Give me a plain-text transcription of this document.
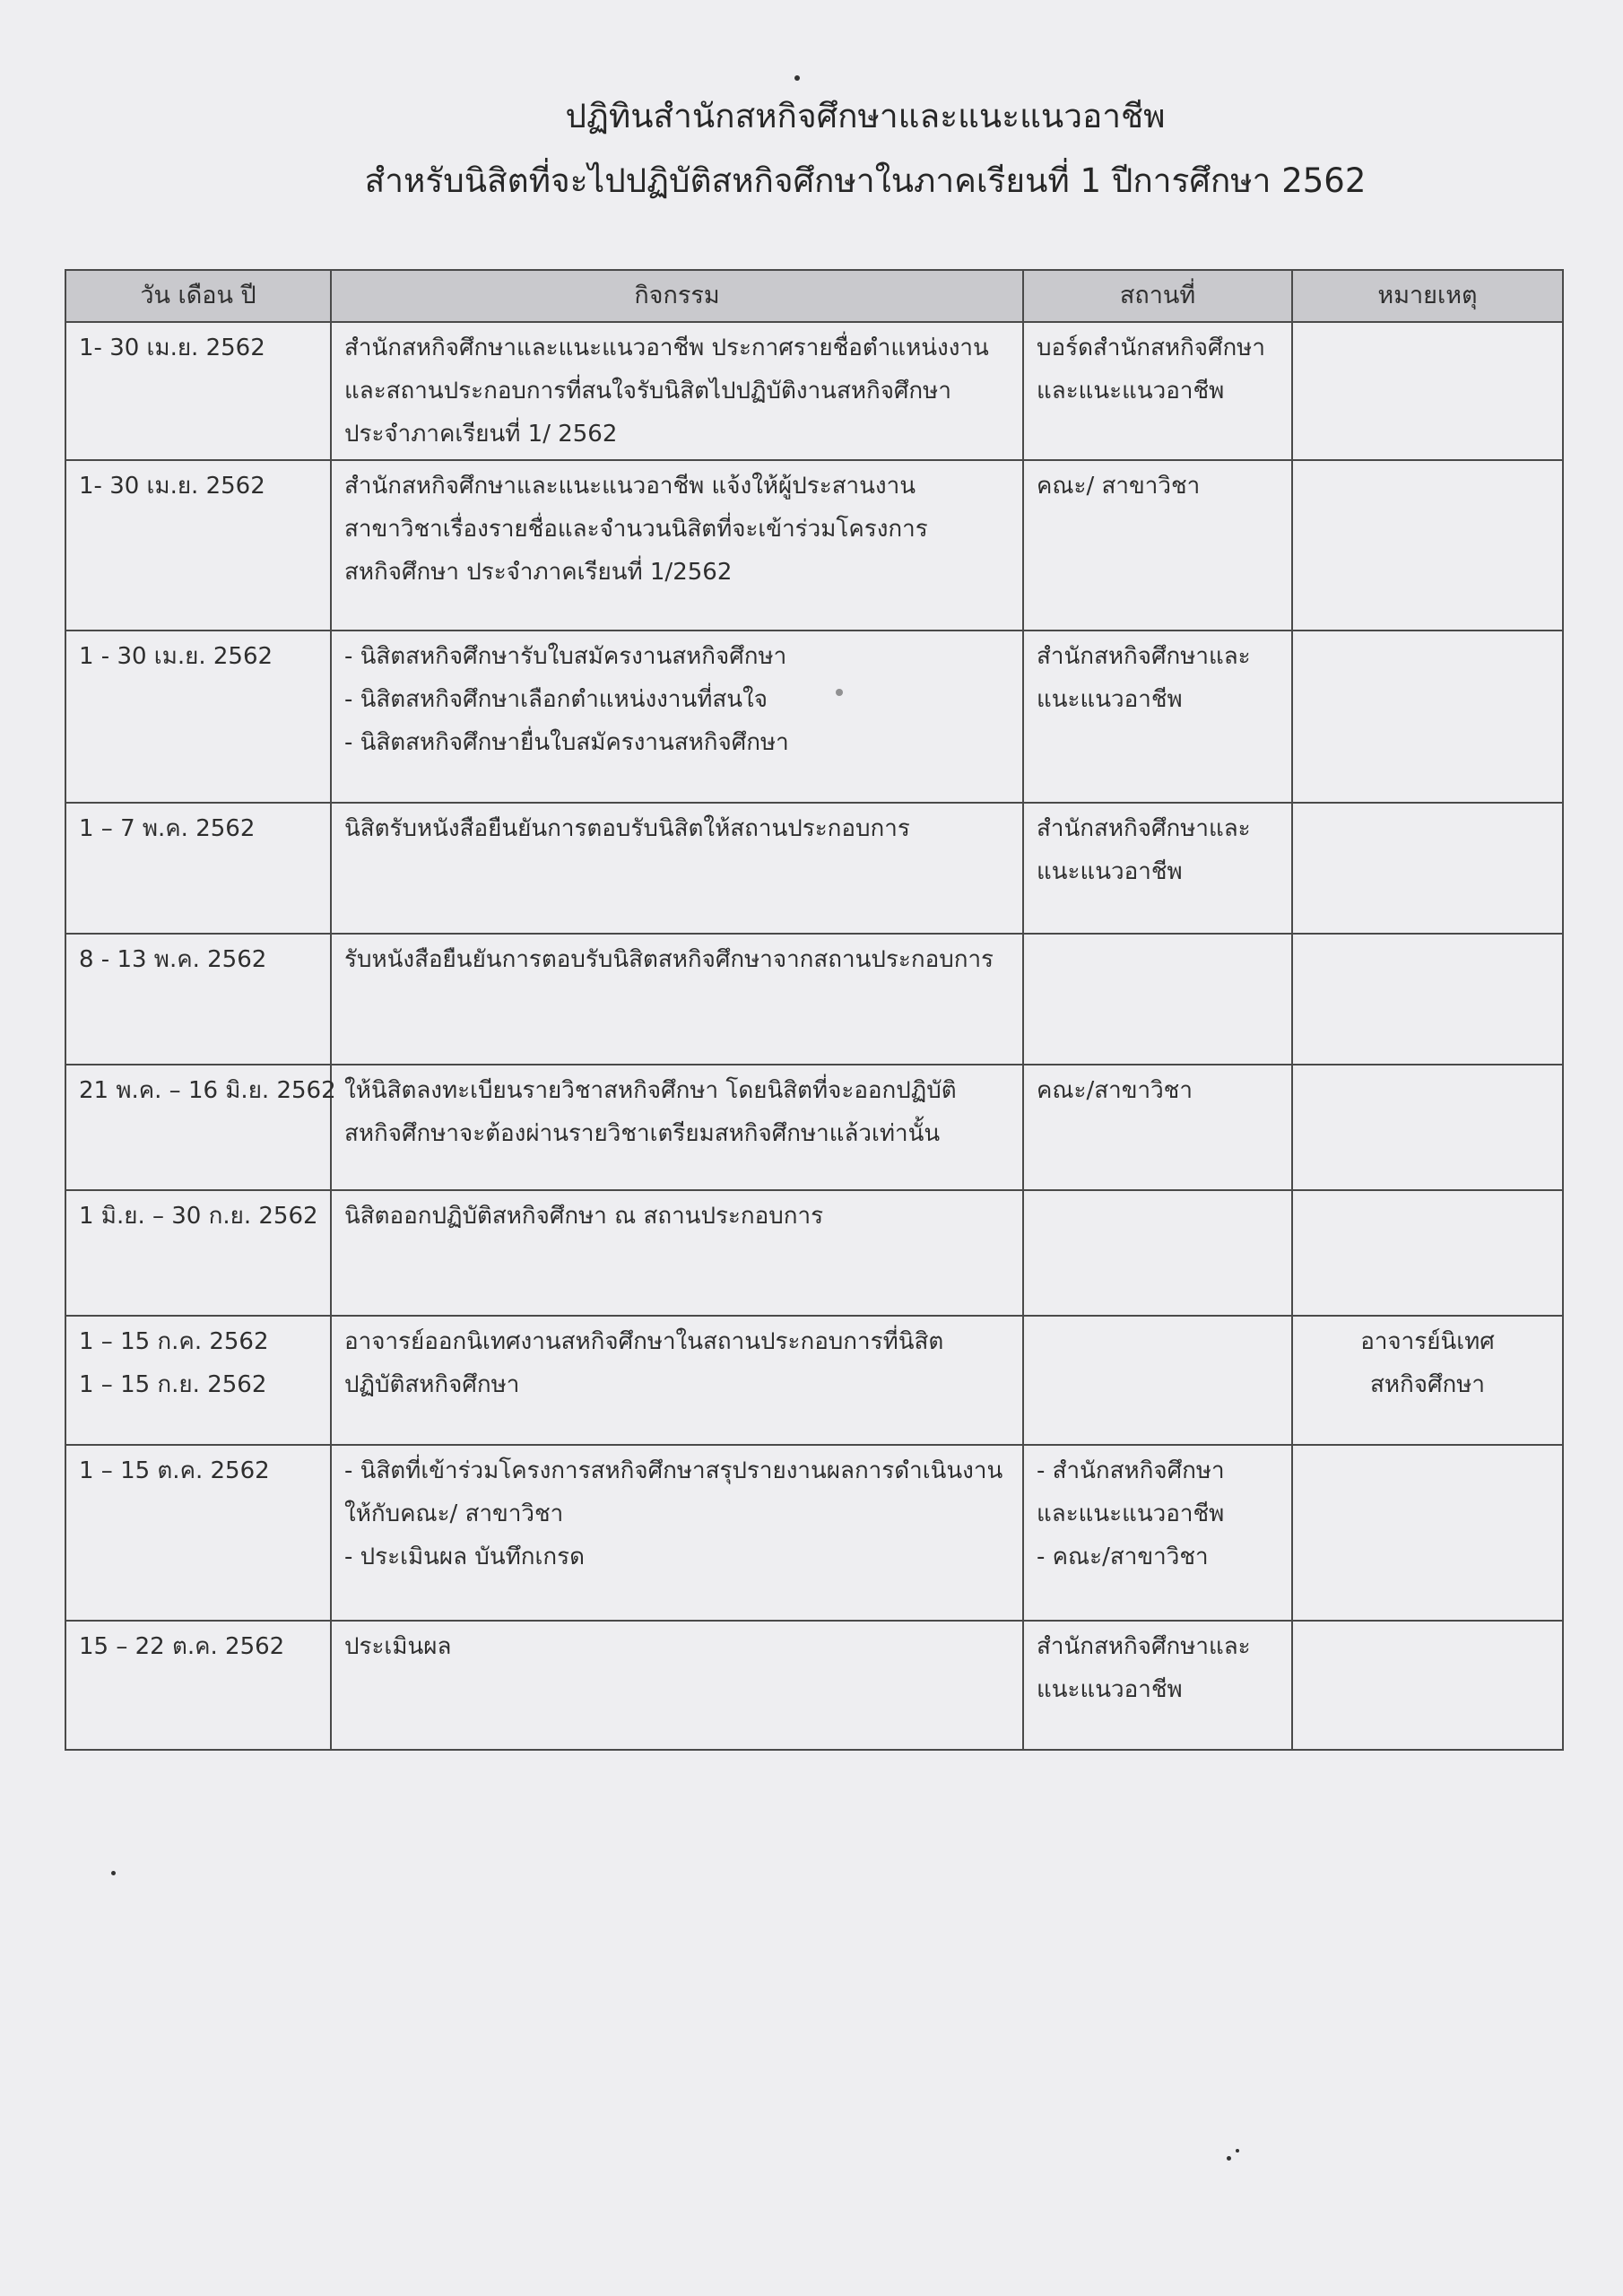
ปฏิทินสำนักสหกิจศึกษาและแนะแนวอาชีพ
สำหรับนิสิตที่จะไปปฏิบัติสหกิจศึกษาในภาคเรียนที่ 1 ปีการศึกษา 2562
วัน เดือน ปี	กิจกรรม	สถานที่	หมายเหตุ

1- 30 เม.ย. 2562	สำนักสหกิจศึกษาและแนะแนวอาชีพ ประกาศรายชื่อตำแหน่งงาน
และสถานประกอบการที่สนใจรับนิสิตไปปฏิบัติงานสหกิจศึกษา
ประจำภาคเรียนที่ 1/ 2562	บอร์ดสำนักสหกิจศึกษา
และแนะแนวอาชีพ	

1- 30 เม.ย. 2562	สำนักสหกิจศึกษาและแนะแนวอาชีพ แจ้งให้ผู้ประสานงาน
สาขาวิชาเรื่องรายชื่อและจำนวนนิสิตที่จะเข้าร่วมโครงการ
สหกิจศึกษา ประจำภาคเรียนที่ 1/2562	คณะ/ สาขาวิชา	

1 - 30 เม.ย. 2562	- นิสิตสหกิจศึกษารับใบสมัครงานสหกิจศึกษา
- นิสิตสหกิจศึกษาเลือกตำแหน่งงานที่สนใจ
- นิสิตสหกิจศึกษายื่นใบสมัครงานสหกิจศึกษา	สำนักสหกิจศึกษาและ
แนะแนวอาชีพ	

1 – 7 พ.ค. 2562	นิสิตรับหนังสือยืนยันการตอบรับนิสิตให้สถานประกอบการ	สำนักสหกิจศึกษาและ
แนะแนวอาชีพ	

8 - 13 พ.ค. 2562	รับหนังสือยืนยันการตอบรับนิสิตสหกิจศึกษาจากสถานประกอบการ		

21 พ.ค. – 16 มิ.ย. 2562	ให้นิสิตลงทะเบียนรายวิชาสหกิจศึกษา โดยนิสิตที่จะออกปฏิบัติ
สหกิจศึกษาจะต้องผ่านรายวิชาเตรียมสหกิจศึกษาแล้วเท่านั้น	คณะ/สาขาวิชา	

1 มิ.ย. – 30 ก.ย. 2562	นิสิตออกปฏิบัติสหกิจศึกษา ณ สถานประกอบการ		

1 – 15 ก.ค. 2562
1 – 15 ก.ย. 2562	อาจารย์ออกนิเทศงานสหกิจศึกษาในสถานประกอบการที่นิสิต
ปฏิบัติสหกิจศึกษา		อาจารย์นิเทศ
สหกิจศึกษา

1 – 15 ต.ค. 2562	- นิสิตที่เข้าร่วมโครงการสหกิจศึกษาสรุปรายงานผลการดำเนินงาน
ให้กับคณะ/ สาขาวิชา
- ประเมินผล บันทึกเกรด	- สำนักสหกิจศึกษา
และแนะแนวอาชีพ
- คณะ/สาขาวิชา	

15 – 22 ต.ค. 2562	ประเมินผล	สำนักสหกิจศึกษาและ
แนะแนวอาชีพ	
